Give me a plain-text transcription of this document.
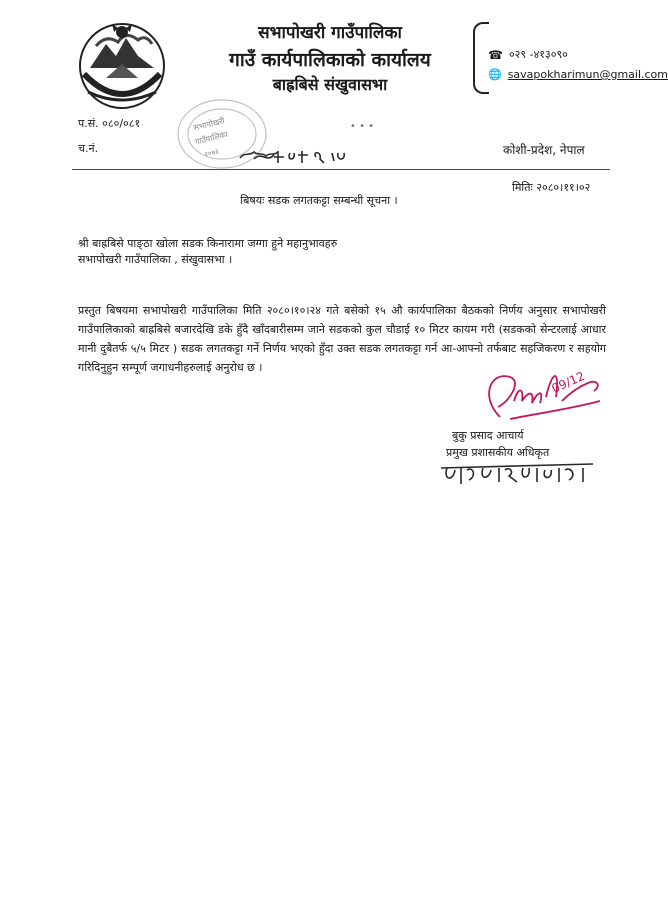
सभापोखरी गाउँपालिका
गाउँ कार्यपालिकाको कार्यालय
बाह्रबिसे संखुवासभा
☎ ०२९ -४१३०९०
🌐 savapokharimun@gmail.com
प.सं. ०८०/०८१
च.नं.	कोशी-प्रदेश, नेपाल
• • •
सभापोखरी
गाउँपालिका
२०७३
सूचना नं. ४४
मितिः २०८०।११।०२
बिषयः सडक लगतकट्टा सम्बन्धी सूचना ।
श्री बाह्रबिसे पाङ्ठा खोला सडक किनारामा जग्गा हुने महानुभावहरु
सभापोखरी गाउँपालिका , संखुवासभा ।
प्रस्तुत बिषयमा सभापोखरी गाउँपालिका मिति २०८०।१०।२४ गते बसेको १५ औ कार्यपालिका बैठकको निर्णय अनुसार सभापोखरी गाउँपालिकाको बाह्रबिसे बजारदेखि डके हुँदै खाँदबारीसम्म जाने सडकको कुल चौडाई १० मिटर कायम गरी (सडकको सेन्टरलाई आधार मानी दुबैतर्फ ५/५ मिटर ) सडक लगतकट्टा गर्ने निर्णय भएको हुँदा उक्त सडक लगतकट्टा गर्न आ-आफ्नो तर्फबाट सहजिकरण र सहयोग गरिदिनुहुन सम्पूर्ण जगाधनीहरुलाई अनुरोध छ ।
09/12
बुकु प्रसाद आचार्य
प्रमुख प्रशासकीय अधिकृत
